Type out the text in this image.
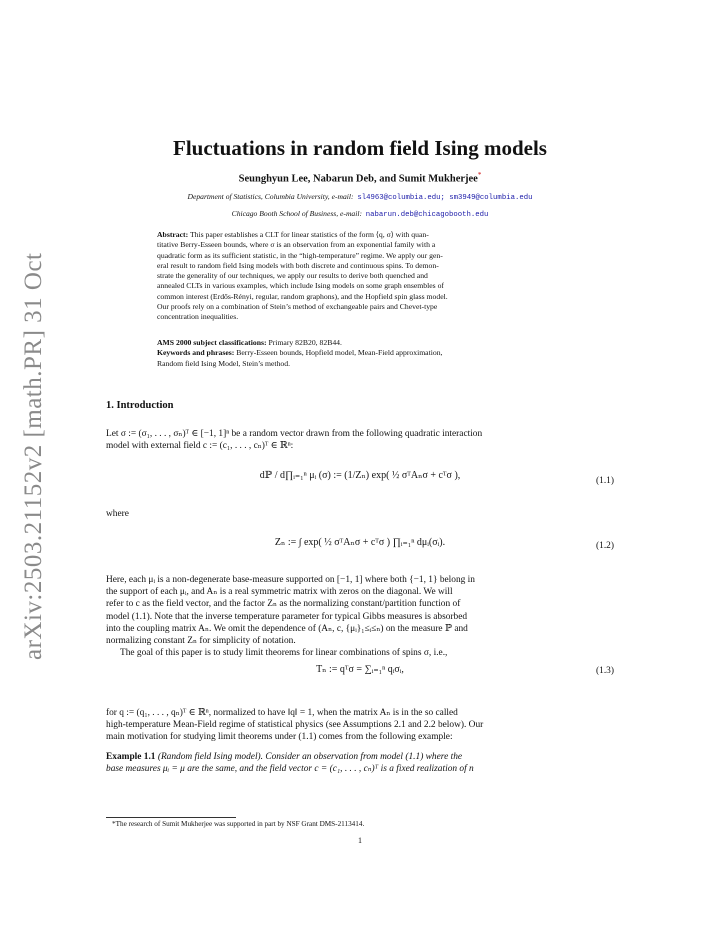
arXiv:2503.21152v2 [math.PR] 31 Oct 2025
Fluctuations in random field Ising models
Seunghyun Lee, Nabarun Deb, and Sumit Mukherjee*
Department of Statistics, Columbia University, e-mail: sl4963@columbia.edu; sm3949@columbia.edu
Chicago Booth School of Business, e-mail: nabarun.deb@chicagobooth.edu
Abstract: This paper establishes a CLT for linear statistics of the form ⟨q, σ⟩ with quan-
titative Berry-Esseen bounds, where σ is an observation from an exponential family with a
quadratic form as its sufficient statistic, in the “high-temperature” regime. We apply our gen-
eral result to random field Ising models with both discrete and continuous spins. To demon-
strate the generality of our techniques, we apply our results to derive both quenched and
annealed CLTs in various examples, which include Ising models on some graph ensembles of
common interest (Erdős-Rényi, regular, random graphons), and the Hopfield spin glass model.
Our proofs rely on a combination of Stein’s method of exchangeable pairs and Chevet-type
concentration inequalities.
AMS 2000 subject classifications: Primary 82B20, 82B44.
Keywords and phrases: Berry-Esseen bounds, Hopfield model, Mean-Field approximation,
Random field Ising Model, Stein’s method.
1. Introduction
Let σ := (σ₁, . . . , σₙ)ᵀ ∈ [−1, 1]ⁿ be a random vector drawn from the following quadratic interaction
model with external field c := (c₁, . . . , cₙ)ᵀ ∈ ℝⁿ:
dℙ / d∏ᵢ₌₁ⁿ μᵢ (σ) := (1/Zₙ) exp( ½ σᵀAₙσ + cᵀσ ),	(1.1)
where
Zₙ := ∫ exp( ½ σᵀAₙσ + cᵀσ ) ∏ᵢ₌₁ⁿ dμᵢ(σᵢ).	(1.2)
Here, each μᵢ is a non-degenerate base-measure supported on [−1, 1] where both {−1, 1} belong in
the support of each μᵢ, and Aₙ is a real symmetric matrix with zeros on the diagonal. We will
refer to c as the field vector, and the factor Zₙ as the normalizing constant/partition function of
model (1.1). Note that the inverse temperature parameter for typical Gibbs measures is absorbed
into the coupling matrix Aₙ. We omit the dependence of (Aₙ, c, {μᵢ}₁≤ᵢ≤ₙ) on the measure ℙ and
normalizing constant Zₙ for simplicity of notation.
The goal of this paper is to study limit theorems for linear combinations of spins σ, i.e.,
Tₙ := qᵀσ = ∑ᵢ₌₁ⁿ qᵢσᵢ,	(1.3)
for q := (q₁, . . . , qₙ)ᵀ ∈ ℝⁿ, normalized to have ‖q‖ = 1, when the matrix Aₙ is in the so called
high-temperature Mean-Field regime of statistical physics (see Assumptions 2.1 and 2.2 below). Our
main motivation for studying limit theorems under (1.1) comes from the following example:
Example 1.1 (Random field Ising model). Consider an observation from model (1.1) where the
base measures μᵢ = μ are the same, and the field vector c = (c₁, . . . , cₙ)ᵀ is a fixed realization of n
*The research of Sumit Mukherjee was supported in part by NSF Grant DMS-2113414.
1
